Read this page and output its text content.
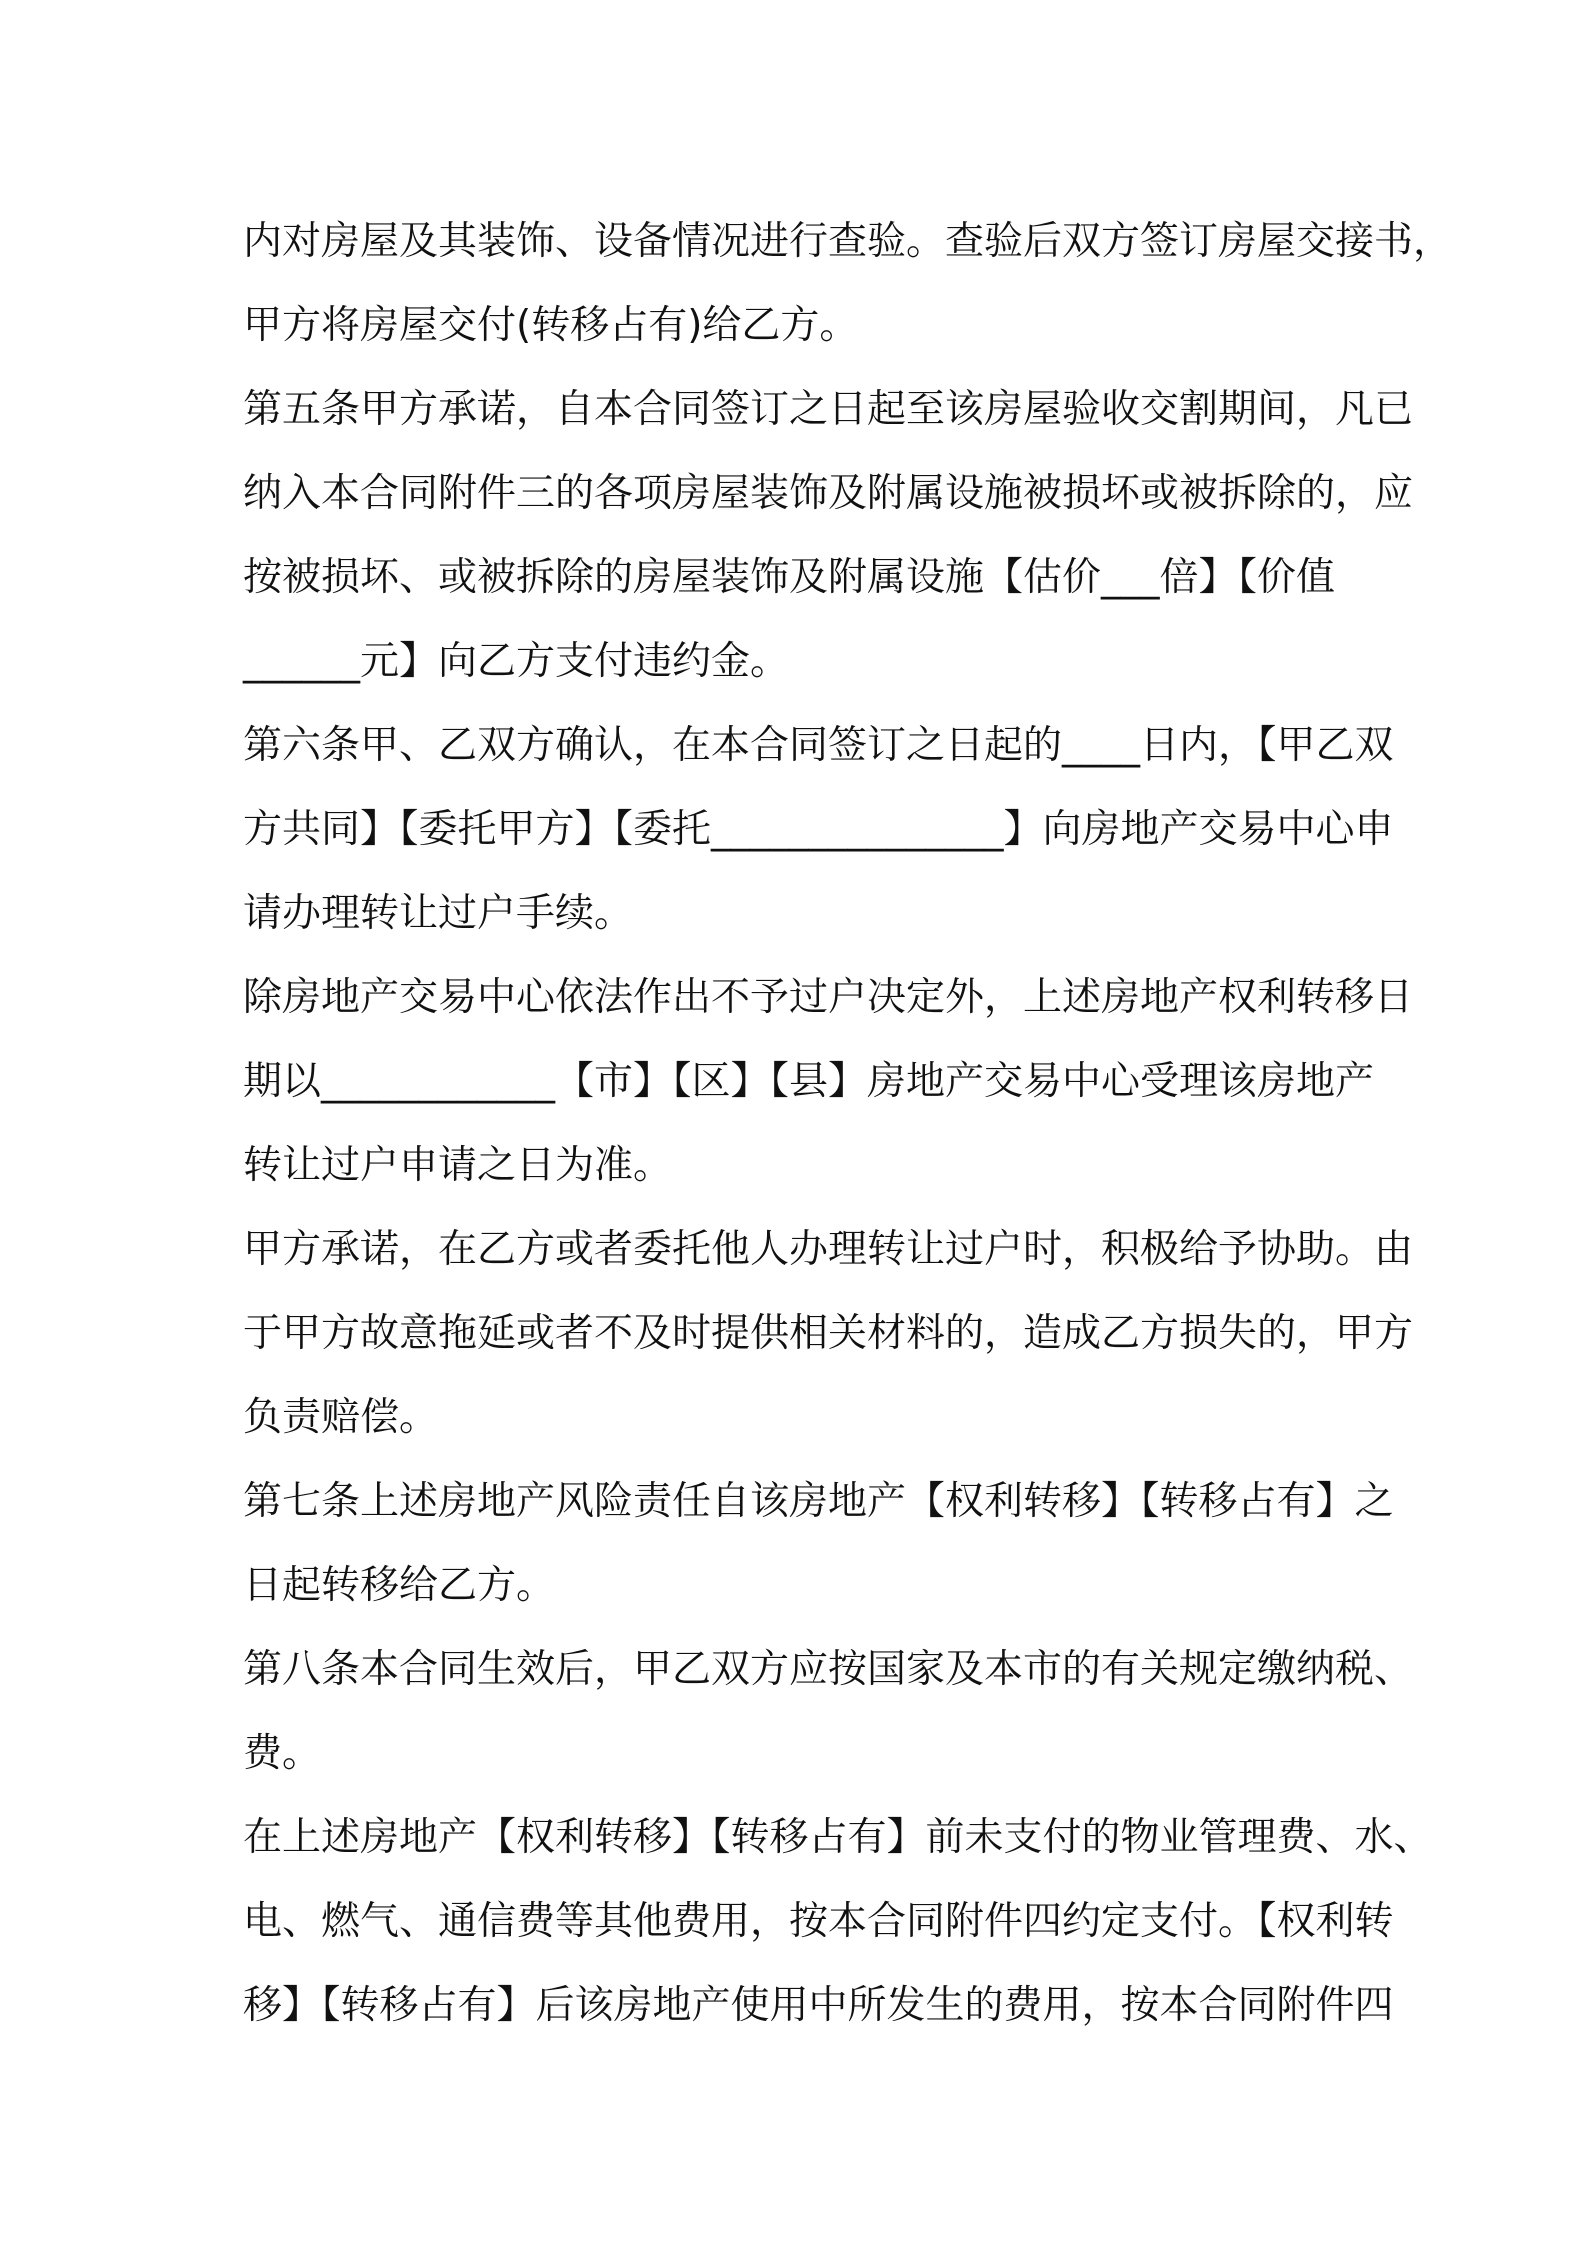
内对房屋及其装饰、设备情况进行查验。查验后双方签订房屋交接书，
甲方将房屋交付(转移占有)给乙方。
第五条甲方承诺，自本合同签订之日起至该房屋验收交割期间，凡已
纳入本合同附件三的各项房屋装饰及附属设施被损坏或被拆除的，应
按被损坏、或被拆除的房屋装饰及附属设施【估价___倍】【价值
______元】向乙方支付违约金。
第六条甲、乙双方确认，在本合同签订之日起的____日内，【甲乙双
方共同】【委托甲方】【委托_______________】向房地产交易中心申
请办理转让过户手续。
除房地产交易中心依法作出不予过户决定外，上述房地产权利转移日
期以____________【市】【区】【县】房地产交易中心受理该房地产
转让过户申请之日为准。
甲方承诺，在乙方或者委托他人办理转让过户时，积极给予协助。由
于甲方故意拖延或者不及时提供相关材料的，造成乙方损失的，甲方
负责赔偿。
第七条上述房地产风险责任自该房地产【权利转移】【转移占有】之
日起转移给乙方。
第八条本合同生效后，甲乙双方应按国家及本市的有关规定缴纳税、
费。
在上述房地产【权利转移】【转移占有】前未支付的物业管理费、水、
电、燃气、通信费等其他费用，按本合同附件四约定支付。【权利转
移】【转移占有】后该房地产使用中所发生的费用，按本合同附件四
